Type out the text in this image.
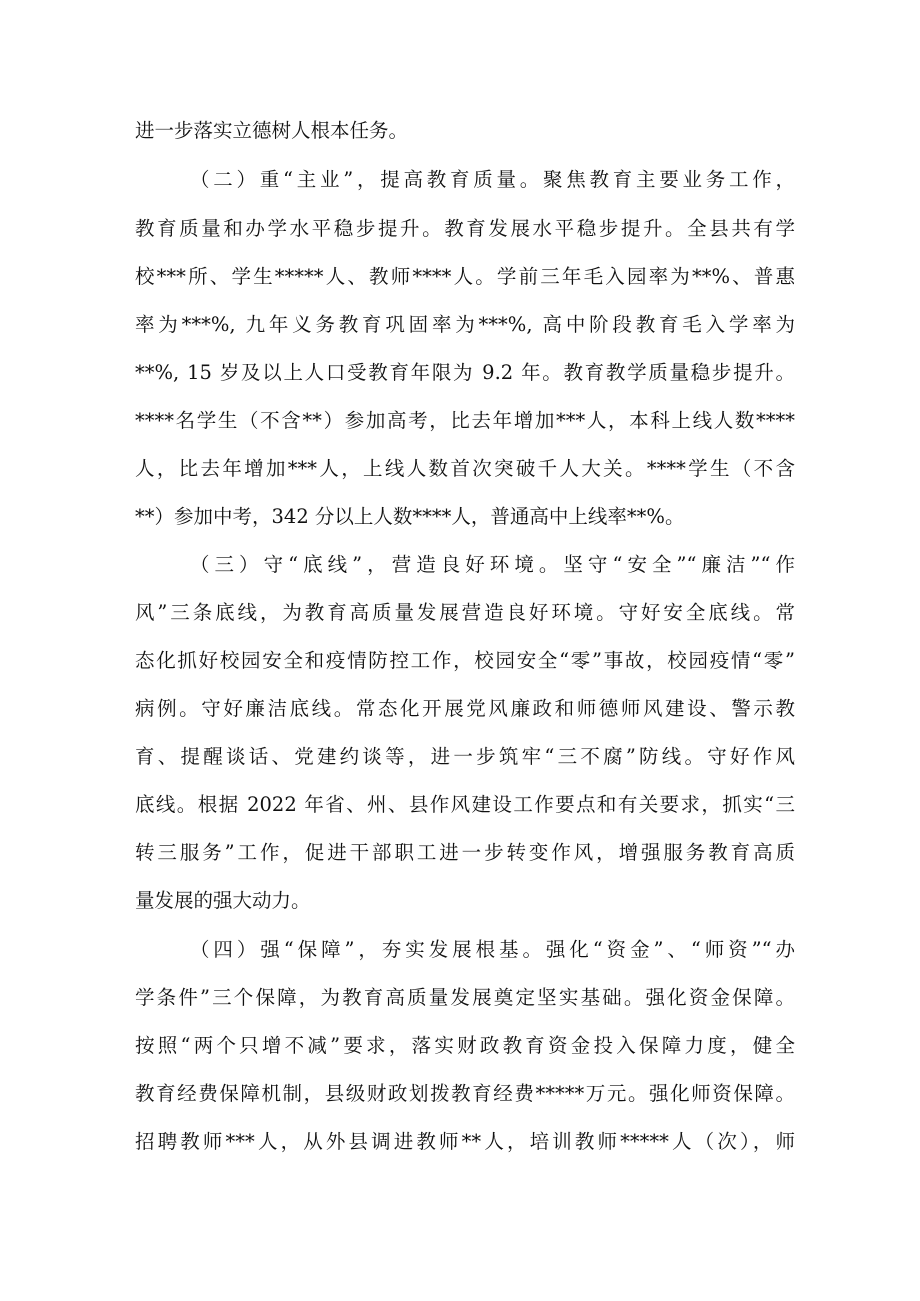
进一步落实立德树人根本任务。
（二）重“主业”，提高教育质量。聚焦教育主要业务工作，
教育质量和办学水平稳步提升。教育发展水平稳步提升。全县共有学
校***所、学生*****人、教师****人。学前三年毛入园率为**%、普惠
率为***%, 九年义务教育巩固率为***%, 高中阶段教育毛入学率为
**%, 15 岁及以上人口受教育年限为 9.2 年。教育教学质量稳步提升。
****名学生（不含**）参加高考，比去年增加***人，本科上线人数****
人，比去年增加***人，上线人数首次突破千人大关。****学生（不含
**）参加中考，342 分以上人数****人，普通高中上线率**%。
（三）守“底线”，营造良好环境。坚守“安全”“廉洁”“作
风”三条底线，为教育高质量发展营造良好环境。守好安全底线。常
态化抓好校园安全和疫情防控工作，校园安全“零”事故，校园疫情“零”
病例。守好廉洁底线。常态化开展党风廉政和师德师风建设、警示教
育、提醒谈话、党建约谈等，进一步筑牢“三不腐”防线。守好作风
底线。根据 2022 年省、州、县作风建设工作要点和有关要求，抓实“三
转三服务”工作，促进干部职工进一步转变作风，增强服务教育高质
量发展的强大动力。
（四）强“保障”，夯实发展根基。强化“资金”、“师资”“办
学条件”三个保障，为教育高质量发展奠定坚实基础。强化资金保障。
按照“两个只增不减”要求，落实财政教育资金投入保障力度，健全
教育经费保障机制，县级财政划拨教育经费*****万元。强化师资保障。
招聘教师***人，从外县调进教师**人，培训教师*****人（次），师
